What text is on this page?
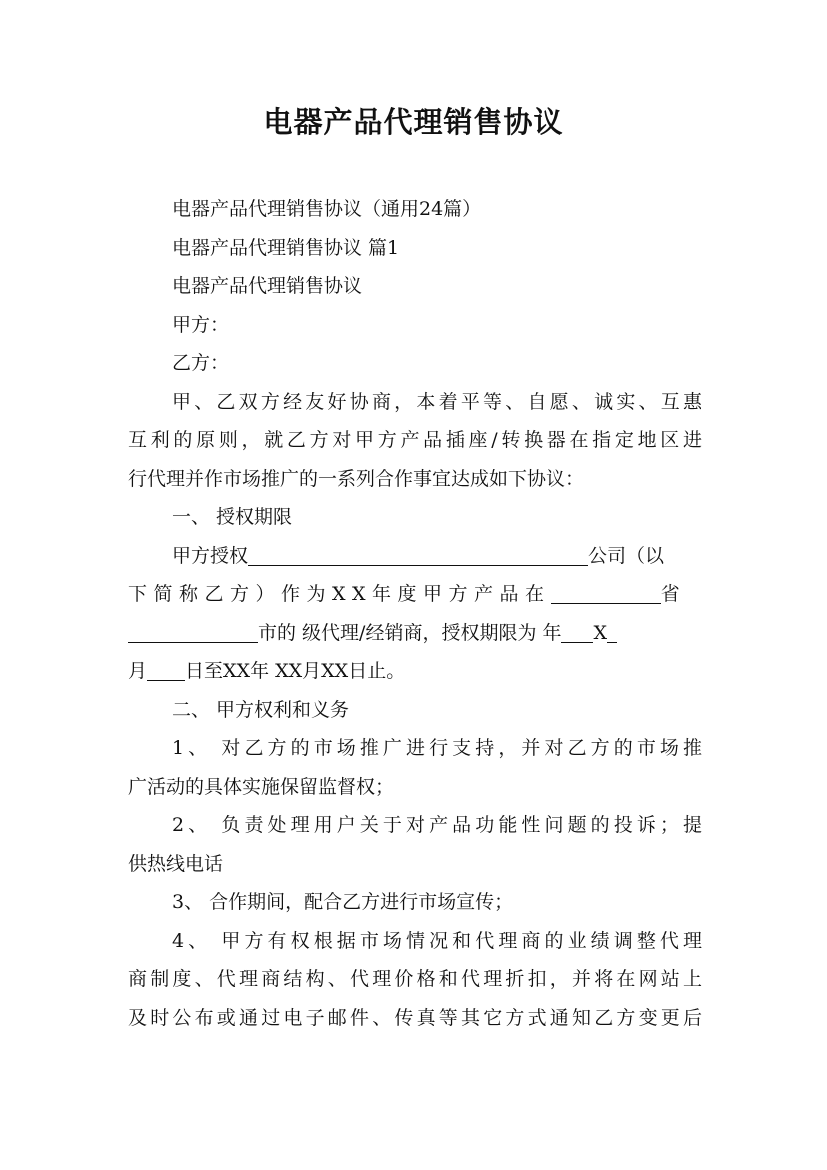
电器产品代理销售协议
电器产品代理销售协议（通用24篇）
电器产品代理销售协议 篇1
电器产品代理销售协议
甲方：
乙方：
甲、乙双方经友好协商，本着平等、自愿、诚实、互惠
互利的原则，就乙方对甲方产品插座/转换器在指定地区进
行代理并作市场推广的一系列合作事宜达成如下协议：
一、 授权期限
甲方授权	公司（以
下简称乙方）作为XX年度甲方产品在	省
市的 级代理/经销商，授权期限为 年 X
月 日至XX年 XX月XX日止。
二、 甲方权利和义务
1、 对乙方的市场推广进行支持，并对乙方的市场推
广活动的具体实施保留监督权；
2、 负责处理用户关于对产品功能性问题的投诉；提
供热线电话
3、 合作期间，配合乙方进行市场宣传；
4、 甲方有权根据市场情况和代理商的业绩调整代理
商制度、代理商结构、代理价格和代理折扣，并将在网站上
及时公布或通过电子邮件、传真等其它方式通知乙方变更后
